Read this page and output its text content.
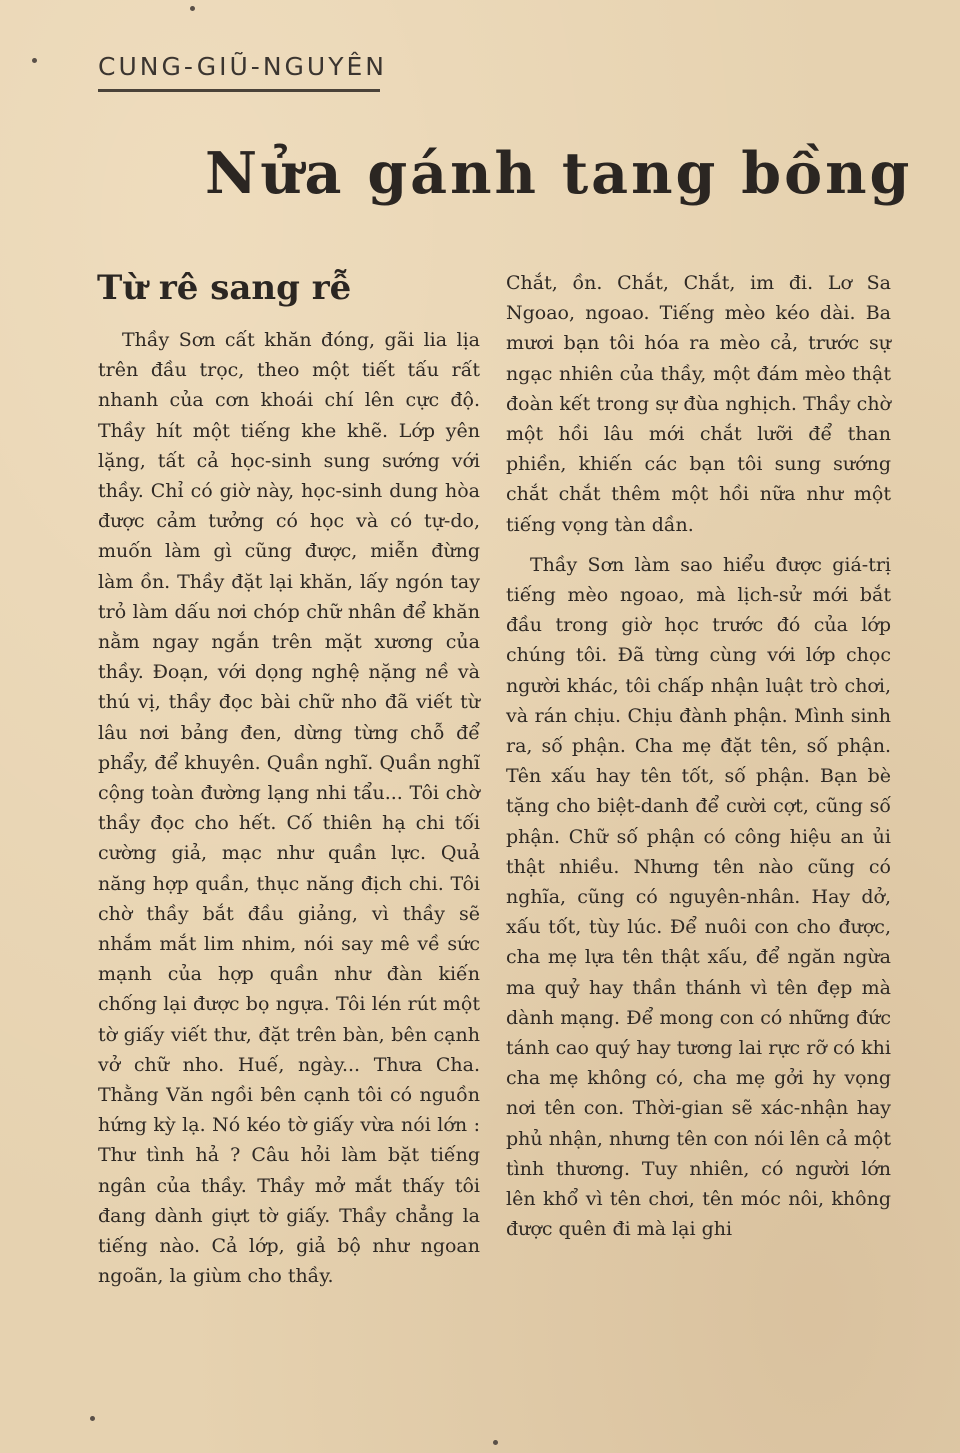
CUNG-GIŨ-NGUYÊN
Nửa gánh tang bồng
Từ rê sang rễ

Thầy Sơn cất khăn đóng, gãi lia lịa trên đầu trọc, theo một tiết tấu rất nhanh của cơn khoái chí lên cực độ. Thầy hít một tiếng khe khẽ. Lớp yên lặng, tất cả học-sinh sung sướng với thầy. Chỉ có giờ này, học-sinh dung hòa được cảm tưởng có học và có tự-do, muốn làm gì cũng được, miễn đừng làm ồn. Thầy đặt lại khăn, lấy ngón tay trỏ làm dấu nơi chóp chữ nhân để khăn nằm ngay ngắn trên mặt xương của thầy. Đoạn, với dọng nghệ nặng nề và thú vị, thầy đọc bài chữ nho đã viết từ lâu nơi bảng đen, dừng từng chỗ để phẩy, để khuyên. Quần nghĩ. Quần nghĩ cộng toàn đường lạng nhi tẩu... Tôi chờ thầy đọc cho hết. Cố thiên hạ chi tối cường giả, mạc như quần lực. Quả năng hợp quần, thục năng địch chi. Tôi chờ thầy bắt đầu giảng, vì thầy sẽ nhắm mắt lim nhim, nói say mê về sức mạnh của hợp quần như đàn kiến chống lại được bọ ngựa. Tôi lén rút một tờ giấy viết thư, đặt trên bàn, bên cạnh vở chữ nho. Huế, ngày... Thưa Cha. Thằng Văn ngồi bên cạnh tôi có nguồn hứng kỳ lạ. Nó kéo tờ giấy vừa nói lớn : Thư tình hả ? Câu hỏi làm bặt tiếng ngân của thầy. Thầy mở mắt thấy tôi đang dành giựt tờ giấy. Thầy chẳng la tiếng nào. Cả lớp, giả bộ như ngoan ngoãn, la giùm cho thầy.

Chắt, ồn. Chắt, Chắt, im đi. Lơ Sa Ngoao, ngoao. Tiếng mèo kéo dài. Ba mươi bạn tôi hóa ra mèo cả, trước sự ngạc nhiên của thầy, một đám mèo thật đoàn kết trong sự đùa nghịch. Thầy chờ một hồi lâu mới chắt lưỡi để than phiền, khiến các bạn tôi sung sướng chắt chắt thêm một hồi nữa như một tiếng vọng tàn dần.

Thầy Sơn làm sao hiểu được giá-trị tiếng mèo ngoao, mà lịch-sử mới bắt đầu trong giờ học trước đó của lớp chúng tôi. Đã từng cùng với lớp chọc người khác, tôi chấp nhận luật trò chơi, và rán chịu. Chịu đành phận. Mình sinh ra, số phận. Cha mẹ đặt tên, số phận. Tên xấu hay tên tốt, số phận. Bạn bè tặng cho biệt-danh để cười cợt, cũng số phận. Chữ số phận có công hiệu an ủi thật nhiều. Nhưng tên nào cũng có nghĩa, cũng có nguyên-nhân. Hay dở, xấu tốt, tùy lúc. Để nuôi con cho được, cha mẹ lựa tên thật xấu, để ngăn ngừa ma quỷ hay thần thánh vì tên đẹp mà dành mạng. Để mong con có những đức tánh cao quý hay tương lai rực rỡ có khi cha mẹ không có, cha mẹ gởi hy vọng nơi tên con. Thời-gian sẽ xác-nhận hay phủ nhận, nhưng tên con nói lên cả một tình thương. Tuy nhiên, có người lớn lên khổ vì tên chơi, tên móc nôi, không được quên đi mà lại ghi
